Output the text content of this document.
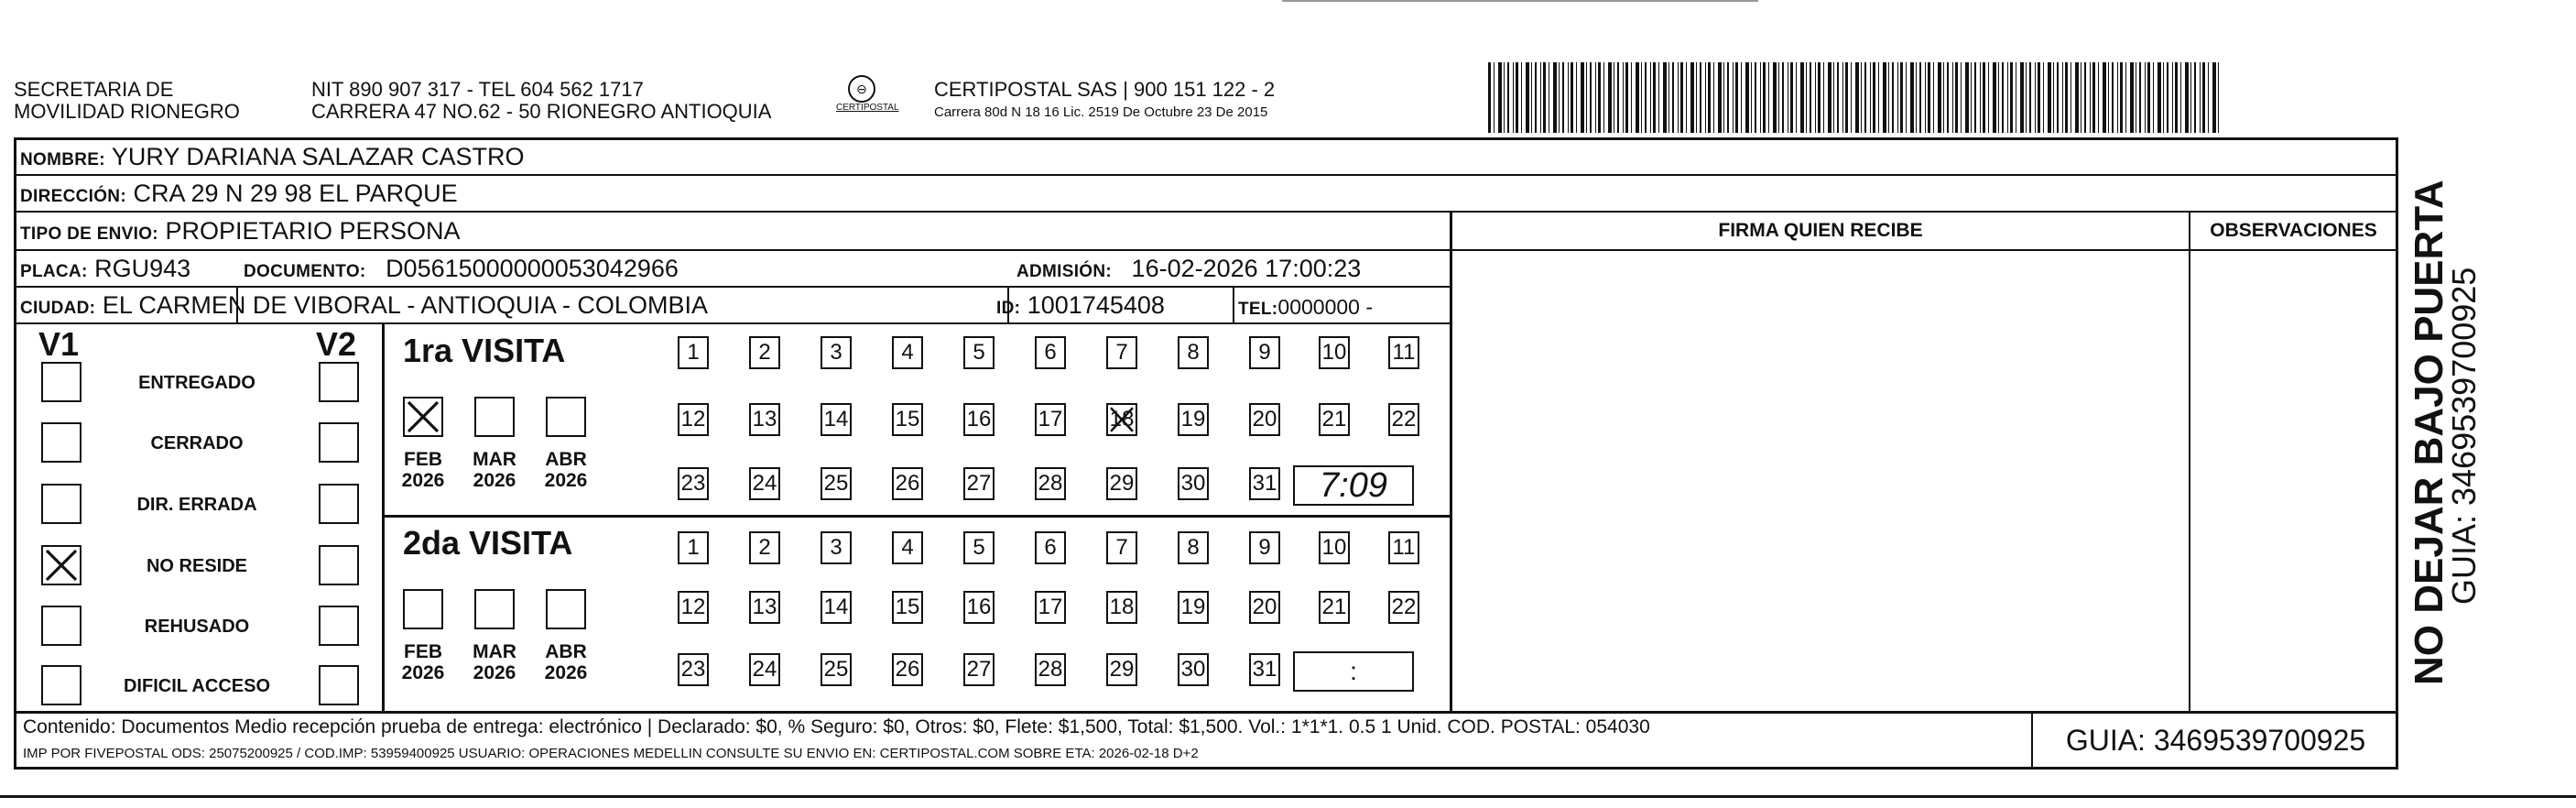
SECRETARIA DE
MOVILIDAD RIONEGRO
NIT 890 907 317 - TEL 604 562 1717
CARRERA 47 NO.62 - 50 RIONEGRO ANTIOQUIA
⊖
CERTIPOSTAL
CERTIPOSTAL SAS | 900 151 122 - 2
Carrera 80d N 18 16 Lic. 2519 De Octubre 23 De 2015
NOMBRE: YURY DARIANA SALAZAR CASTRO
DIRECCIÓN: CRA 29 N 29 98 EL PARQUE
TIPO DE ENVIO: PROPIETARIO PERSONA	FIRMA QUIEN RECIBE	OBSERVACIONES
PLACA: RGU943	DOCUMENTO: D05615000000053042966	ADMISIÓN: 16-02-2026 17:00:23
CIUDAD: EL CARMEN DE VIBORAL - ANTIOQUIA - COLOMBIA	ID: 1001745408	TEL:0000000 -
V1	V2
ENTREGADO
CERRADO
DIR. ERRADA
NO RESIDE
REHUSADO
DIFICIL ACCESO
1ra VISITA
2da VISITA
FEB
2026
MAR
2026
ABR
2026
FEB
2026
MAR
2026
ABR
2026
1	2	3	4	5	6	7	8	9	10 11
12 13 14 15 16 17 18 19 20 21 22
23 24 25 26 27 28 29 30 31	7:09
1	2	3	4	5	6	7	8	9	10 11
12 13 14 15 16 17 18 19 20 21 22
23 24 25 26 27 28 29 30 31	:
Contenido: Documentos Medio recepción prueba de entrega: electrónico | Declarado: $0, % Seguro: $0, Otros: $0, Flete: $1,500, Total: $1,500. Vol.: 1*1*1. 0.5 1 Unid. COD. POSTAL: 054030
IMP POR FIVEPOSTAL ODS: 25075200925 / COD.IMP: 53959400925 USUARIO: OPERACIONES MEDELLIN CONSULTE SU ENVIO EN: CERTIPOSTAL.COM SOBRE ETA: 2026-02-18 D+2	GUIA: 3469539700925
NO DEJAR BAJO PUERTA
GUIA: 3469539700925
